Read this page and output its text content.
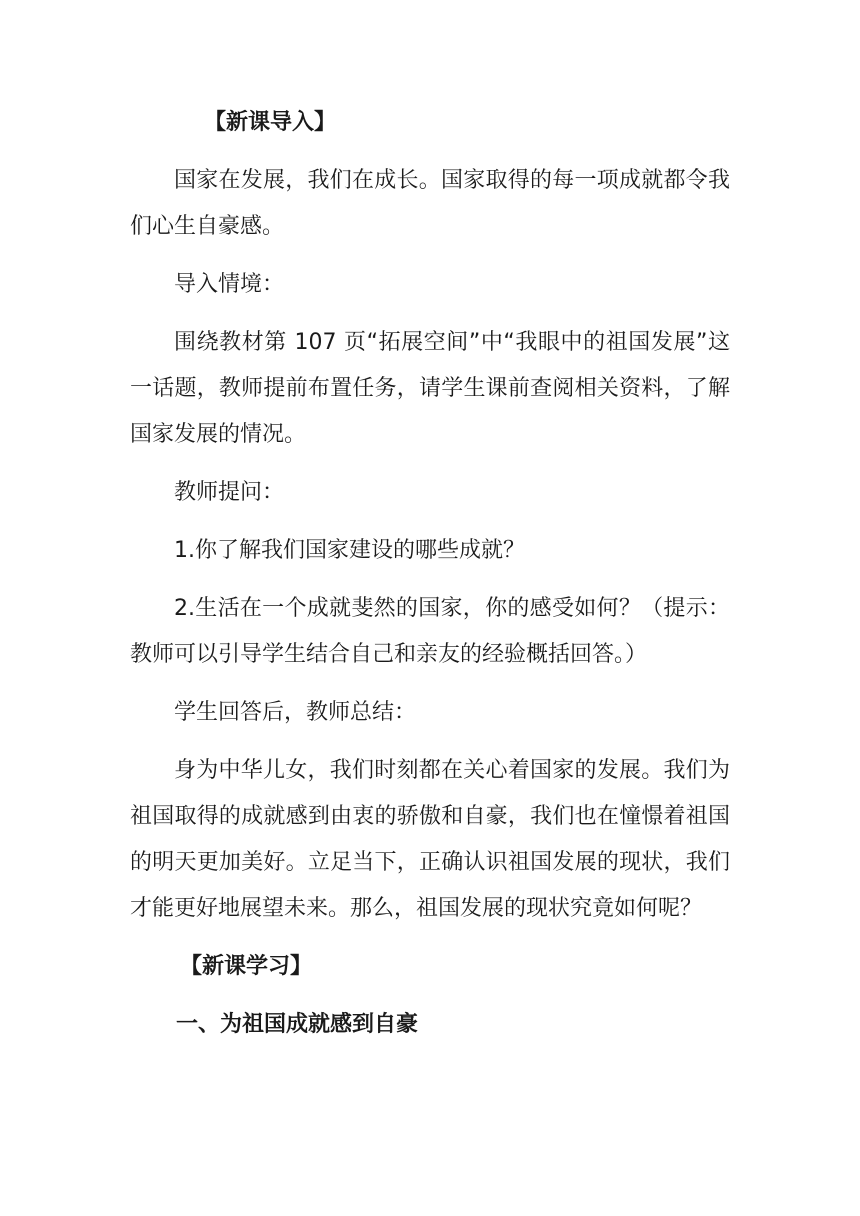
【新课导入】

国家在发展，我们在成长。国家取得的每一项成就都令我们心生自豪感。

导入情境：

围绕教材第 107 页“拓展空间”中“我眼中的祖国发展”这一话题，教师提前布置任务，请学生课前查阅相关资料，了解国家发展的情况。

教师提问：

1.你了解我们国家建设的哪些成就？

2.生活在一个成就斐然的国家，你的感受如何？（提示：教师可以引导学生结合自己和亲友的经验概括回答。）

学生回答后，教师总结：

身为中华儿女，我们时刻都在关心着国家的发展。我们为祖国取得的成就感到由衷的骄傲和自豪，我们也在憧憬着祖国的明天更加美好。立足当下，正确认识祖国发展的现状，我们才能更好地展望未来。那么，祖国发展的现状究竟如何呢？

【新课学习】
一、为祖国成就感到自豪
